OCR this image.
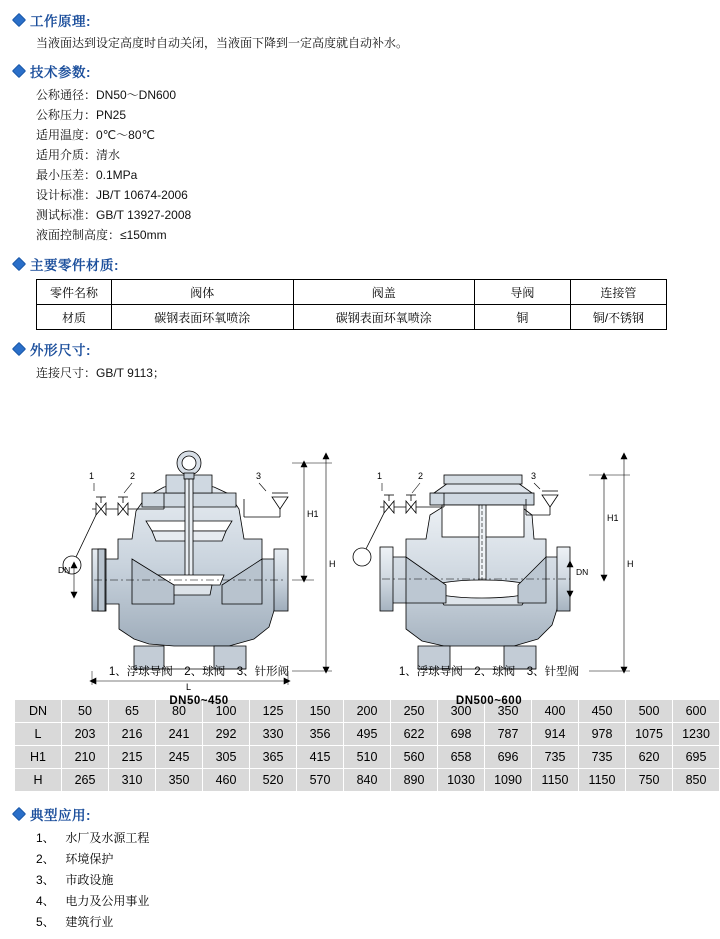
工作原理:
当液面达到设定高度时自动关闭，当液面下降到一定高度就自动补水。
技术参数:
公称通径：DN50～DN600
公称压力：PN25
适用温度：0℃～80℃
适用介质：清水
最小压差：0.1MPa
设计标准：JB/T 10674-2006
测试标准：GB/T 13927-2008
液面控制高度：≤150mm
主要零件材质:
零件名称	阀体	阀盖	导阀	连接管
材质	碳钢表面环氧喷涂	碳钢表面环氧喷涂	铜	铜/不锈钢
外形尺寸:
连接尺寸：GB/T 9113；
1	2	3
H1
H
DN
L
1	2	3
H1
H
DN
1、浮球导阀　2、球阀　3、针形阀
DN50~450
1、浮球导阀　2、球阀　3、针型阀
DN500~600
DN	50	65	80	100	125	150	200	250	300	350	400	450	500	600
L	203	216	241	292	330	356	495	622	698	787	914	978	1075	1230
H1	210	215	245	305	365	415	510	560	658	696	735	735	620	695
H	265	310	350	460	520	570	840	890	1030	1090	1150	1150	750	850
典型应用:
1、 水厂及水源工程
2、 环境保护
3、 市政设施
4、 电力及公用事业
5、 建筑行业
